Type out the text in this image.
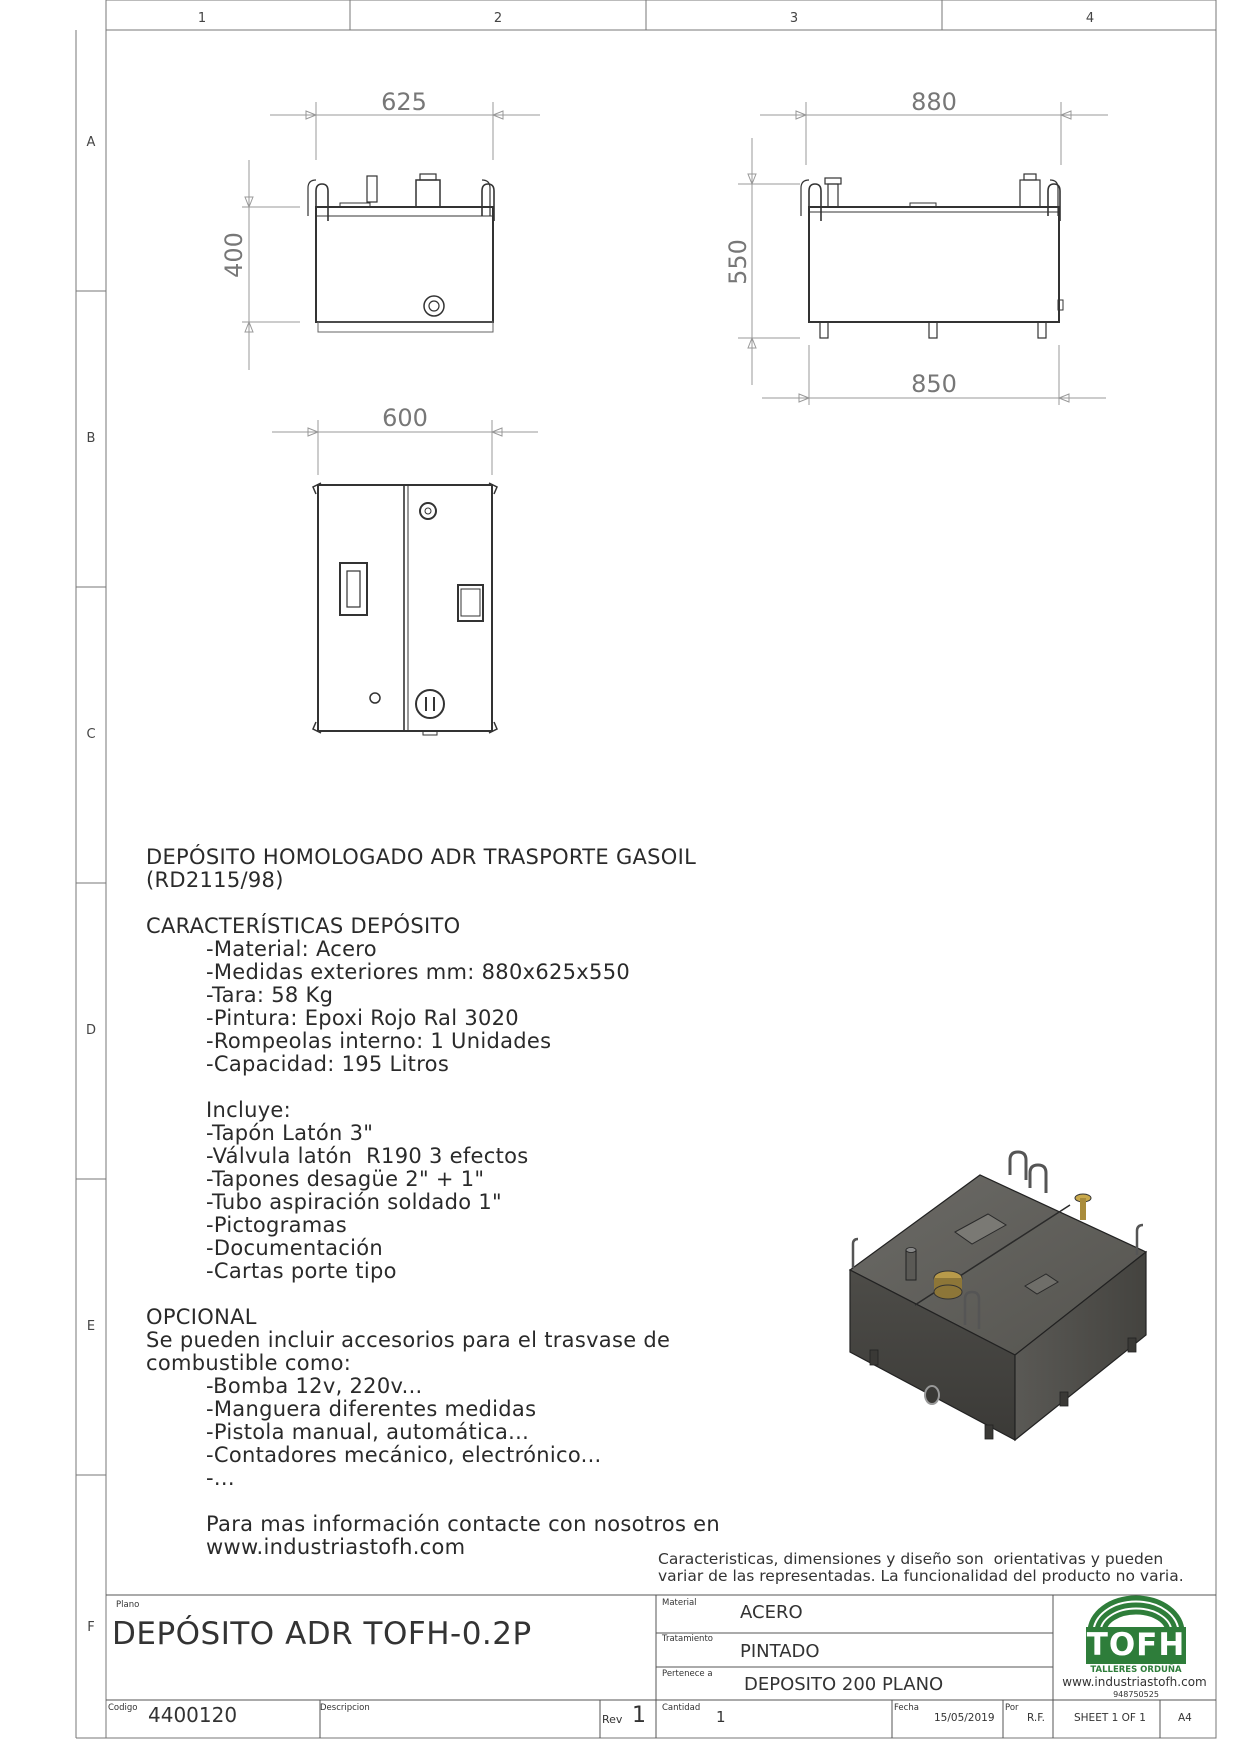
1	2	3	4
A
B
C
D
E
F
625
400
880
550
850
600
DEPÓSITO HOMOLOGADO ADR TRASPORTE GASOIL
(RD2115/98)
CARACTERÍSTICAS DEPÓSITO
-Material: Acero
-Medidas exteriores mm: 880x625x550
-Tara: 58 Kg
-Pintura: Epoxi Rojo Ral 3020
-Rompeolas interno: 1 Unidades
-Capacidad: 195 Litros
Incluye:
-Tapón Latón 3"
-Válvula latón  R190 3 efectos
-Tapones desagüe 2" + 1"
-Tubo aspiración soldado 1"
-Pictogramas
-Documentación
-Cartas porte tipo
OPCIONAL
Se pueden incluir accesorios para el trasvase de
combustible como:
-Bomba 12v, 220v...
-Manguera diferentes medidas
-Pistola manual, automática...
-Contadores mecánico, electrónico...
-...
Para mas información contacte con nosotros en
www.industriastofh.com	Caracteristicas, dimensiones y diseño son  orientativas y pueden
variar de las representadas. La funcionalidad del producto no varia.
Plano
DEPÓSITO ADR TOFH-0.2P
Material ACERO
Tratamiento
PINTADO
Pertenece a DEPOSITO 200 PLANO
Codigo 4400120	Descripcion
Rev 1 Cantidad 1	Fecha
15/05/2019
Por
R.F.	SHEET 1 OF 1	A4
TOFH
TALLERES ORDUÑA
www.industriastofh.com
948750525
